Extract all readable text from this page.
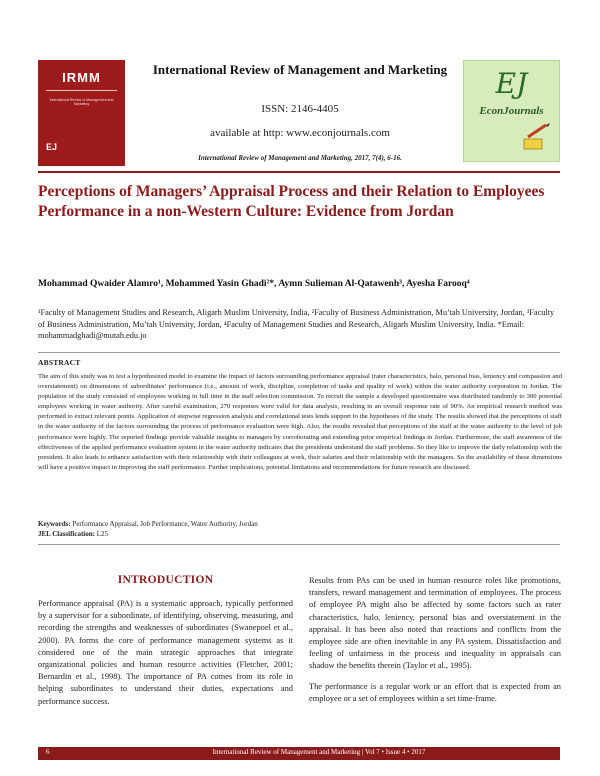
IRMM
International Review of Management and Marketing
EJ
International Review of Management and Marketing
ISSN: 2146-4405
available at http: www.econjournals.com
International Review of Management and Marketing, 2017, 7(4), 6-16.
EJ
EconJournals
Perceptions of Managers’ Appraisal Process and their Relation to Employees Performance in a non-Western Culture: Evidence from Jordan
Mohammad Qwaider Alamro¹, Mohammed Yasin Ghadi²*, Aymn Sulieman Al-Qatawenh³, Ayesha Farooq⁴
¹Faculty of Management Studies and Research, Aligarh Muslim University, India, ²Faculty of Business Administration, Mu’tah University, Jordan, ³Faculty of Business Administration, Mu’tah University, Jordan, ⁴Faculty of Management Studies and Research, Aligarh Muslim University, India. *Email: mohammadghadi@mutah.edu.jo
ABSTRACT
The aim of this study was to test a hypothesized model to examine the impact of factors surrounding performance appraisal (rater characteristics, halo, personal bias, leniency and compassion and overstatement) on dimensions of subordinates’ performance (i.e., amount of work, discipline, completion of tasks and quality of work) within the water authority corporation in Jordan. The population of the study consisted of employees working in full time in the staff selection commission. To recruit the sample a developed questionnaire was distributed randomly to 300 potential employees working in water authority. After careful examination, 270 responses were valid for data analysis, resulting in an overall response rate of 90%. An empirical research method was performed to extract relevant points. Application of stepwise regression analysis and correlational tests lends support to the hypotheses of the study. The results showed that the perceptions of staff in the water authority of the factors surrounding the process of performance evaluation were high. Also, the results revealed that perceptions of the staff at the water authority to the level of job performance were highly. The reported findings provide valuable insights to managers by corroborating and extending prior empirical findings in Jordan. Furthermore, the staff awareness of the effectiveness of the applied performance evaluation system in the water authority indicates that the presidents understand the staff problems. So they like to improve the daily relationship with the president. It also leads to enhance satisfaction with their relationship with their colleagues at work, their salaries and their relationship with the managers. So the availability of these dimensions will have a positive impact in improving the staff performance. Further implications, potential limitations and recommendations for future research are discussed.
Keywords: Performance Appraisal, Job Performance, Water Authority, Jordan
JEL Classification: L25
INTRODUCTION
Performance appraisal (PA) is a systematic approach, typically performed by a supervisor for a subordinate, of identifying, observing, measuring, and recording the strengths and weaknesses of subordinates (Swanepoel et al., 2000). PA forms the core of performance management systems as it considered one of the main strategic approaches that integrate organizational policies and human resource activities (Fletcher, 2001; Bernardin et al., 1998). The importance of PA comes from its role in helping subordinates to understand their duties, expectations and performance success.

Results from PAs can be used in human resource roles like promotions, transfers, reward management and termination of employees. The process of employee PA might also be affected by some factors such as rater characteristics, halo, leniency, personal bias and overstatement in the appraisal. It has been also noted that reactions and conflicts from the employee side are often inevitable in any PA system. Dissatisfaction and feeling of unfairness in the process and inequality in appraisals can shadow the benefits therein (Taylor et al., 1995).

The performance is a regular work or an effort that is expected from an employee or a set of employees within a set time-frame.

6	International Review of Management and Marketing | Vol 7 • Issue 4 • 2017
